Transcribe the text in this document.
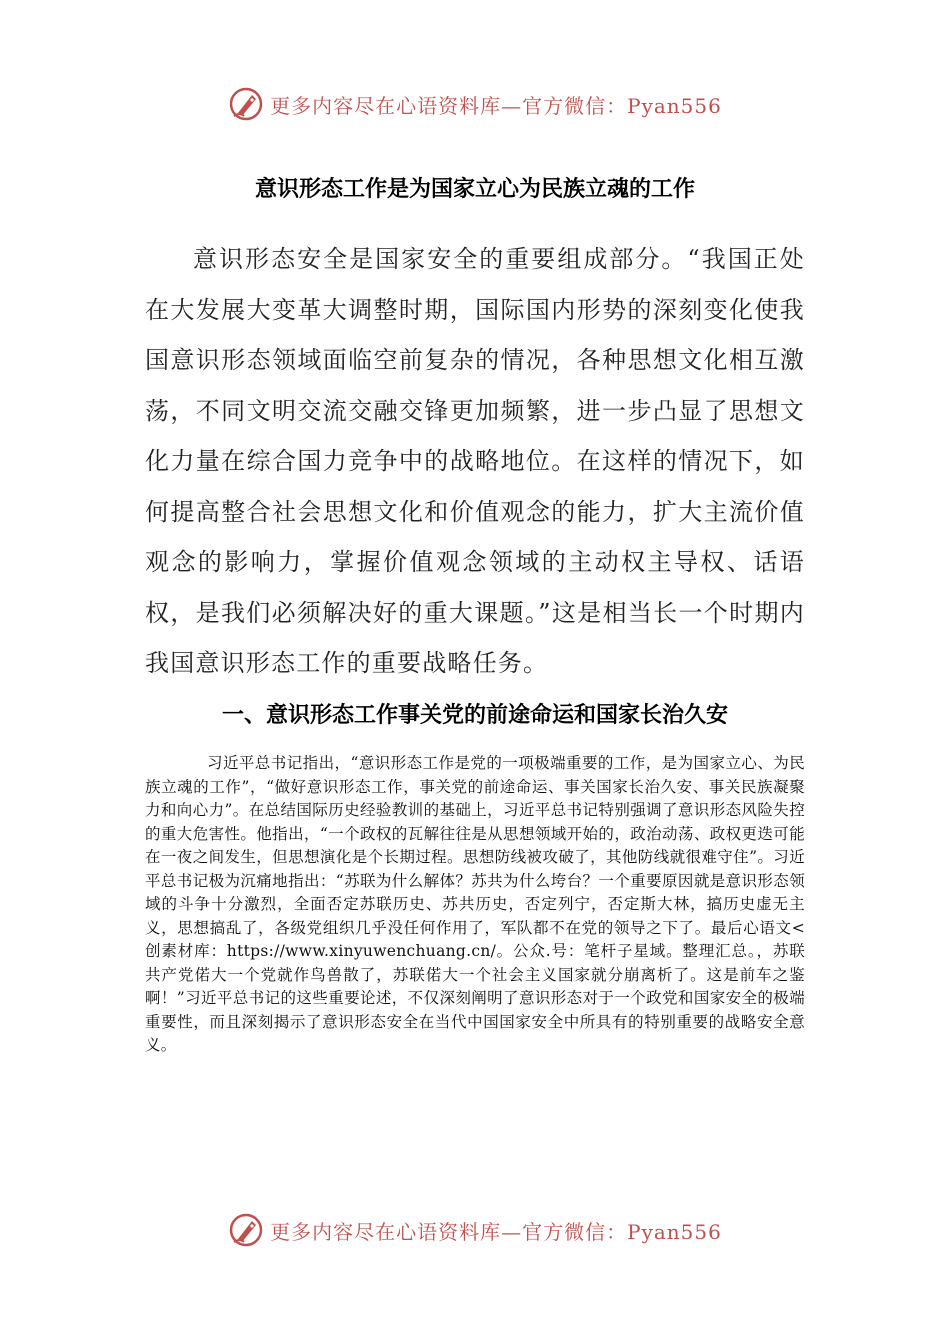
更多内容尽在心语资料库—官方微信：Pyan556
意识形态工作是为国家立心为民族立魂的工作

意识形态安全是国家安全的重要组成部分。“我国正处在大发展大变革大调整时期，国际国内形势的深刻变化使我国意识形态领域面临空前复杂的情况，各种思想文化相互激荡，不同文明交流交融交锋更加频繁，进一步凸显了思想文化力量在综合国力竞争中的战略地位。在这样的情况下，如何提高整合社会思想文化和价值观念的能力，扩大主流价值观念的影响力，掌握价值观念领域的主动权主导权、话语权，是我们必须解决好的重大课题。”这是相当长一个时期内我国意识形态工作的重要战略任务。

一、意识形态工作事关党的前途命运和国家长治久安

习近平总书记指出，“意识形态工作是党的一项极端重要的工作，是为国家立心、为民族立魂的工作”，“做好意识形态工作，事关党的前途命运、事关国家长治久安、事关民族凝聚力和向心力”。在总结国际历史经验教训的基础上，习近平总书记特别强调了意识形态风险失控的重大危害性。他指出，“一个政权的瓦解往往是从思想领域开始的，政治动荡、政权更迭可能在一夜之间发生，但思想演化是个长期过程。思想防线被攻破了，其他防线就很难守住”。习近平总书记极为沉痛地指出：“苏联为什么解体？苏共为什么垮台？一个重要原因就是意识形态领域的斗争十分激烈，全面否定苏联历史、苏共历史，否定列宁，否定斯大林，搞历史虚无主义，思想搞乱了，各级党组织几乎没任何作用了，军队都不在党的领导之下了。最后心语文<创素材库：https://www.xinyuwenchuang.cn/。公众.号：笔杆子星域。整理汇总。，苏联共产党偌大一个党就作鸟兽散了，苏联偌大一个社会主义国家就分崩离析了。这是前车之鉴啊！”习近平总书记的这些重要论述，不仅深刻阐明了意识形态对于一个政党和国家安全的极端重要性，而且深刻揭示了意识形态安全在当代中国国家安全中所具有的特别重要的战略安全意义。

更多内容尽在心语资料库—官方微信：Pyan556
